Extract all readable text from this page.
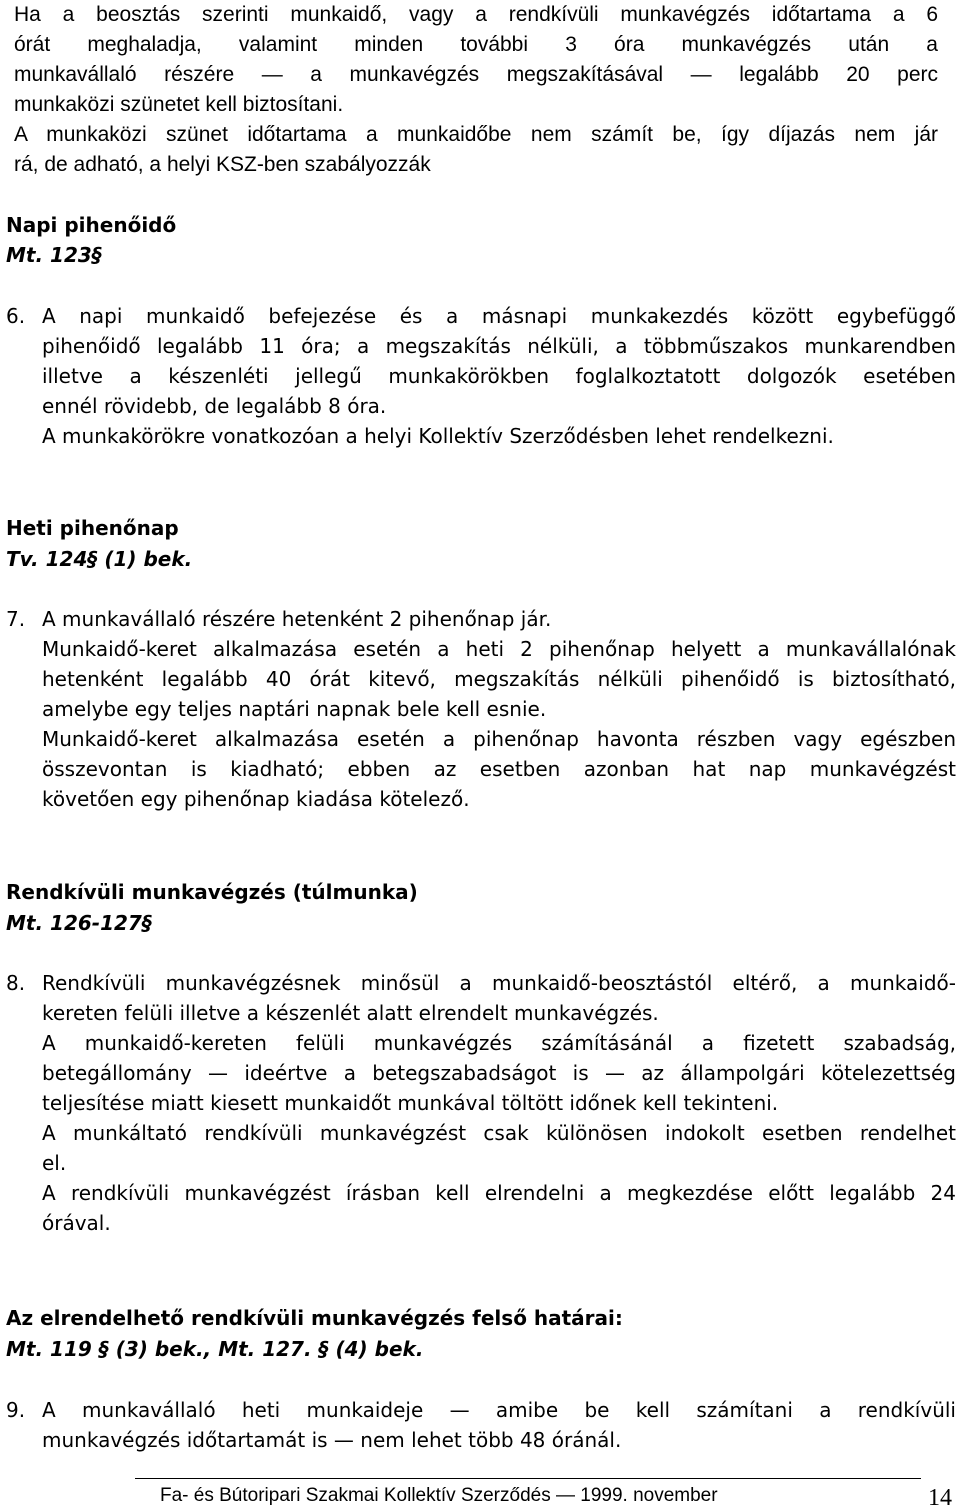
Ha a beosztás szerinti munkaidő, vagy a rendkívüli munkavégzés időtartama a 6
órát meghaladja, valamint minden további 3 óra munkavégzés után a
munkavállaló részére — a munkavégzés megszakításával — legalább 20 perc
munkaközi szünetet kell biztosítani.
A munkaközi szünet időtartama a munkaidőbe nem számít be, így díjazás nem jár
rá, de adható, a helyi KSZ-ben szabályozzák
Napi pihenőidő
Mt. 123§
6. A napi munkaidő befejezése és a másnapi munkakezdés között egybefüggő
pihenőidő legalább 11 óra; a megszakítás nélküli, a többműszakos munkarendben
illetve a készenléti jellegű munkakörökben foglalkoztatott dolgozók esetében
ennél rövidebb, de legalább 8 óra.
A munkakörökre vonatkozóan a helyi Kollektív Szerződésben lehet rendelkezni.
Heti pihenőnap
Tv. 124§ (1) bek.
7. A munkavállaló részére hetenként 2 pihenőnap jár.
Munkaidő-keret alkalmazása esetén a heti 2 pihenőnap helyett a munkavállalónak
hetenként legalább 40 órát kitevő, megszakítás nélküli pihenőidő is biztosítható,
amelybe egy teljes naptári napnak bele kell esnie.
Munkaidő-keret alkalmazása esetén a pihenőnap havonta részben vagy egészben
összevontan is kiadható; ebben az esetben azonban hat nap munkavégzést
követően egy pihenőnap kiadása kötelező.
Rendkívüli munkavégzés (túlmunka)
Mt. 126-127§
8. Rendkívüli munkavégzésnek minősül a munkaidő-beosztástól eltérő, a munkaidő-
kereten felüli illetve a készenlét alatt elrendelt munkavégzés.
A munkaidő-kereten felüli munkavégzés számításánál a fizetett szabadság,
betegállomány — ideértve a betegszabadságot is — az állampolgári kötelezettség
teljesítése miatt kiesett munkaidőt munkával töltött időnek kell tekinteni.
A munkáltató rendkívüli munkavégzést csak különösen indokolt esetben rendelhet
el.
A rendkívüli munkavégzést írásban kell elrendelni a megkezdése előtt legalább 24
órával.
Az elrendelhető rendkívüli munkavégzés felső határai:
Mt. 119 § (3) bek., Mt. 127. § (4) bek.
9. A munkavállaló heti munkaideje — amibe be kell számítani a rendkívüli
munkavégzés időtartamát is — nem lehet több 48 óránál.
Fa- és Bútoripari Szakmai Kollektív Szerződés — 1999. november	14
